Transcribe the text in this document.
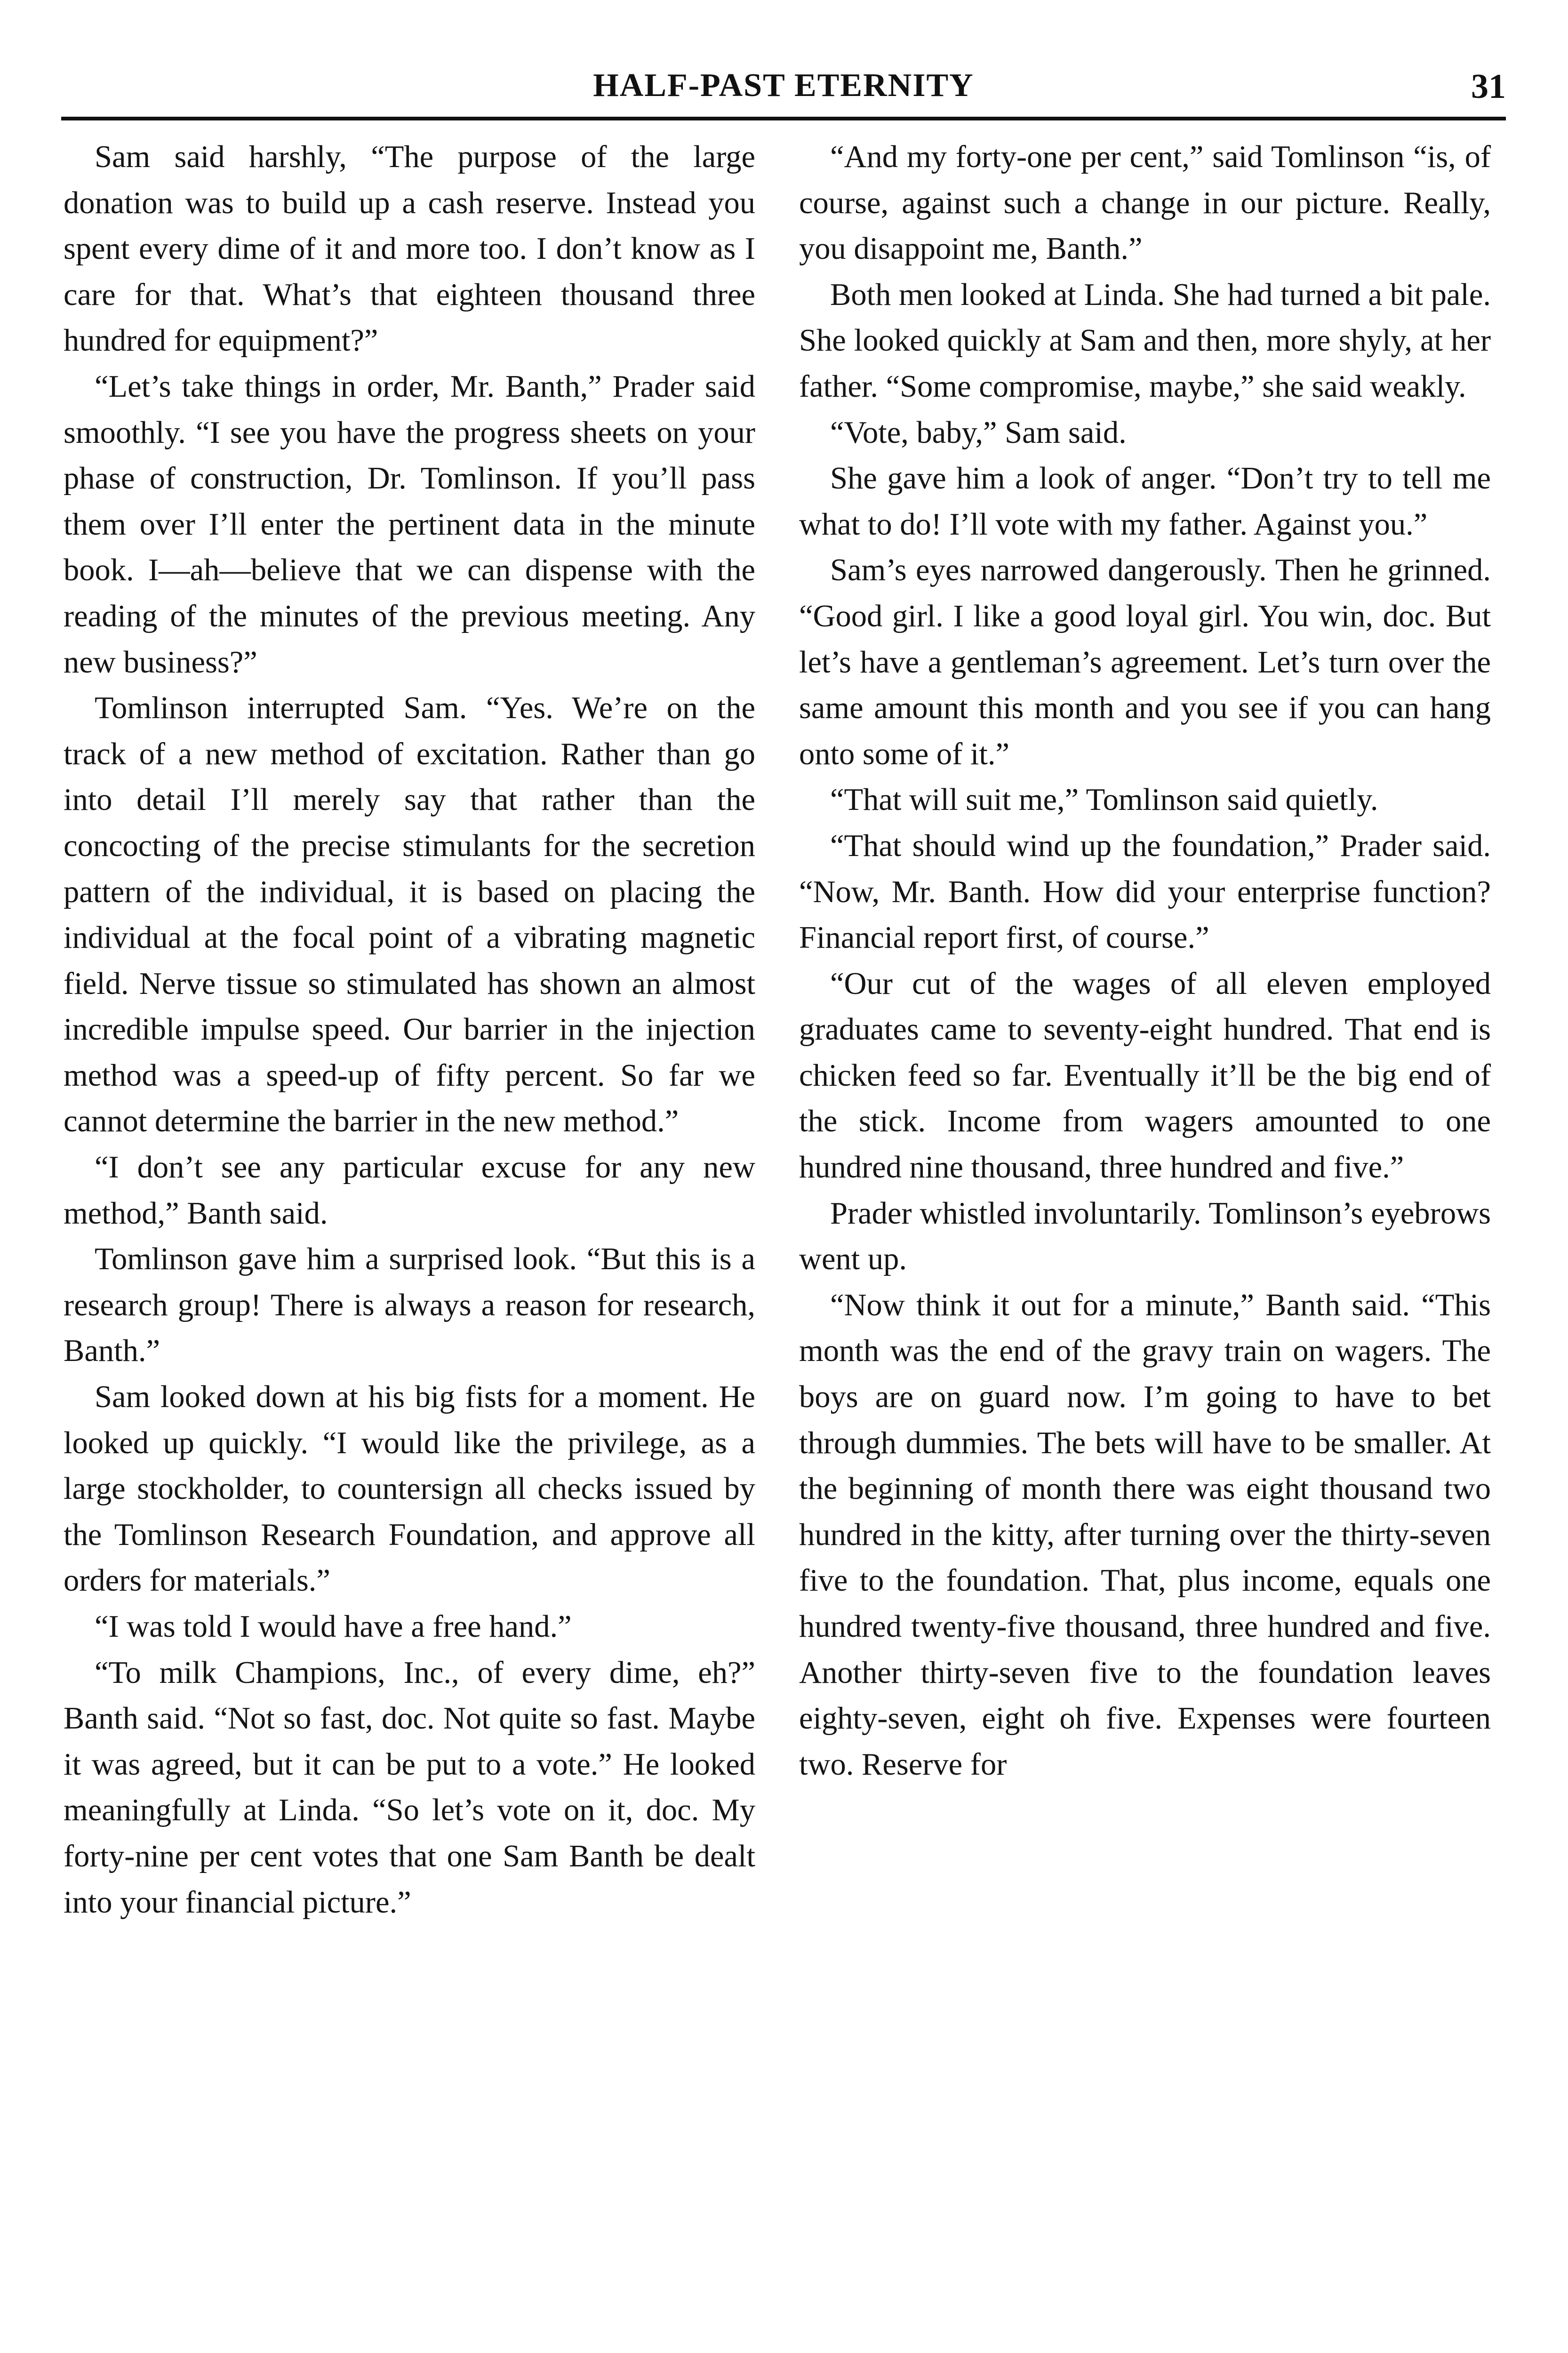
HALF-PAST ETERNITY	31

Sam said harshly, “The purpose of the large donation was to build up a cash reserve. Instead you spent every dime of it and more too. I don’t know as I care for that. What’s that eighteen thousand three hundred for equipment?”

“Let’s take things in order, Mr. Banth,” Prader said smoothly. “I see you have the progress sheets on your phase of construction, Dr. Tomlinson. If you’ll pass them over I’ll enter the pertinent data in the minute book. I—ah—believe that we can dispense with the reading of the minutes of the previous meeting. Any new business?”

Tomlinson interrupted Sam. “Yes. We’re on the track of a new method of excitation. Rather than go into detail I’ll merely say that rather than the concocting of the precise stimulants for the secretion pattern of the individual, it is based on placing the individual at the focal point of a vibrating magnetic field. Nerve tissue so stimulated has shown an almost incredible impulse speed. Our barrier in the injection method was a speed-up of fifty percent. So far we cannot determine the barrier in the new method.”

“I don’t see any particular excuse for any new method,” Banth said.

Tomlinson gave him a surprised look. “But this is a research group! There is always a reason for research, Banth.”

Sam looked down at his big fists for a moment. He looked up quickly. “I would like the privilege, as a large stockholder, to countersign all checks issued by the Tomlinson Research Foundation, and approve all orders for materials.”

“I was told I would have a free hand.”

“To milk Champions, Inc., of every dime, eh?” Banth said. “Not so fast, doc. Not quite so fast. Maybe it was agreed, but it can be put to a vote.” He looked meaningfully at Linda. “So let’s vote on it, doc. My forty-nine per cent votes that one Sam Banth be dealt into your financial picture.”

“And my forty-one per cent,” said Tomlinson “is, of course, against such a change in our picture. Really, you disappoint me, Banth.”

Both men looked at Linda. She had turned a bit pale. She looked quickly at Sam and then, more shyly, at her father. “Some compromise, maybe,” she said weakly.

“Vote, baby,” Sam said.

She gave him a look of anger. “Don’t try to tell me what to do! I’ll vote with my father. Against you.”

Sam’s eyes narrowed dangerously. Then he grinned. “Good girl. I like a good loyal girl. You win, doc. But let’s have a gentleman’s agreement. Let’s turn over the same amount this month and you see if you can hang onto some of it.”

“That will suit me,” Tomlinson said quietly.

“That should wind up the foundation,” Prader said. “Now, Mr. Banth. How did your enterprise function? Financial report first, of course.”

“Our cut of the wages of all eleven employed graduates came to seventy-eight hundred. That end is chicken feed so far. Eventually it’ll be the big end of the stick. Income from wagers amounted to one hundred nine thousand, three hundred and five.”

Prader whistled involuntarily. Tomlinson’s eyebrows went up.

“Now think it out for a minute,” Banth said. “This month was the end of the gravy train on wagers. The boys are on guard now. I’m going to have to bet through dummies. The bets will have to be smaller. At the beginning of month there was eight thousand two hundred in the kitty, after turning over the thirty-seven five to the foundation. That, plus income, equals one hundred twenty-five thousand, three hundred and five. Another thirty-seven five to the foundation leaves eighty-seven, eight oh five. Expenses were fourteen two. Reserve for
